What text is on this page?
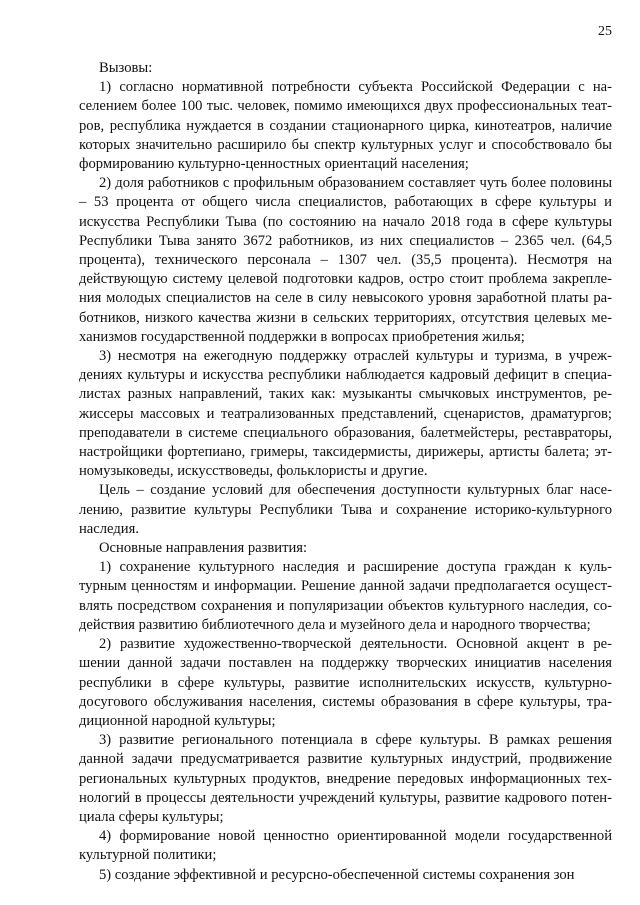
25

Вызовы:

1) согласно нормативной потребности субъекта Российской Федерации с населением более 100 тыс. человек, помимо имеющихся двух профессиональных театров, республика нуждается в создании стационарного цирка, кинотеатров, наличие которых значительно расширило бы спектр культурных услуг и способствовало бы формированию культурно-ценностных ориентаций населения;

2) доля работников с профильным образованием составляет чуть более половины – 53 процента от общего числа специалистов, работающих в сфере культуры и искусства Республики Тыва (по состоянию на начало 2018 года в сфере культуры Республики Тыва занято 3672 работников, из них специалистов – 2365 чел. (64,5 процента), технического персонала – 1307 чел. (35,5 процента). Несмотря на действующую систему целевой подготовки кадров, остро стоит проблема закрепления молодых специалистов на селе в силу невысокого уровня заработной платы работников, низкого качества жизни в сельских территориях, отсутствия целевых механизмов государственной поддержки в вопросах приобретения жилья;

3) несмотря на ежегодную поддержку отраслей культуры и туризма, в учреждениях культуры и искусства республики наблюдается кадровый дефицит в специалистах разных направлений, таких как: музыканты смычковых инструментов, режиссеры массовых и театрализованных представлений, сценаристов, драматургов; преподаватели в системе специального образования, балетмейстеры, реставраторы, настройщики фортепиано, гримеры, таксидермисты, дирижеры, артисты балета; этномузыковеды, искусствоведы, фольклористы и другие.

Цель – создание условий для обеспечения доступности культурных благ населению, развитие культуры Республики Тыва и сохранение историко-культурного наследия.

Основные направления развития:

1) сохранение культурного наследия и расширение доступа граждан к культурным ценностям и информации. Решение данной задачи предполагается осуществлять посредством сохранения и популяризации объектов культурного наследия, содействия развитию библиотечного дела и музейного дела и народного творчества;

2) развитие художественно-творческой деятельности. Основной акцент в решении данной задачи поставлен на поддержку творческих инициатив населения республики в сфере культуры, развитие исполнительских искусств, культурно-досугового обслуживания населения, системы образования в сфере культуры, традиционной народной культуры;

3) развитие регионального потенциала в сфере культуры. В рамках решения данной задачи предусматривается развитие культурных индустрий, продвижение региональных культурных продуктов, внедрение передовых информационных технологий в процессы деятельности учреждений культуры, развитие кадрового потенциала сферы культуры;

4) формирование новой ценностно ориентированной модели государственной культурной политики;

5) создание эффективной и ресурсно-обеспеченной системы сохранения зон
